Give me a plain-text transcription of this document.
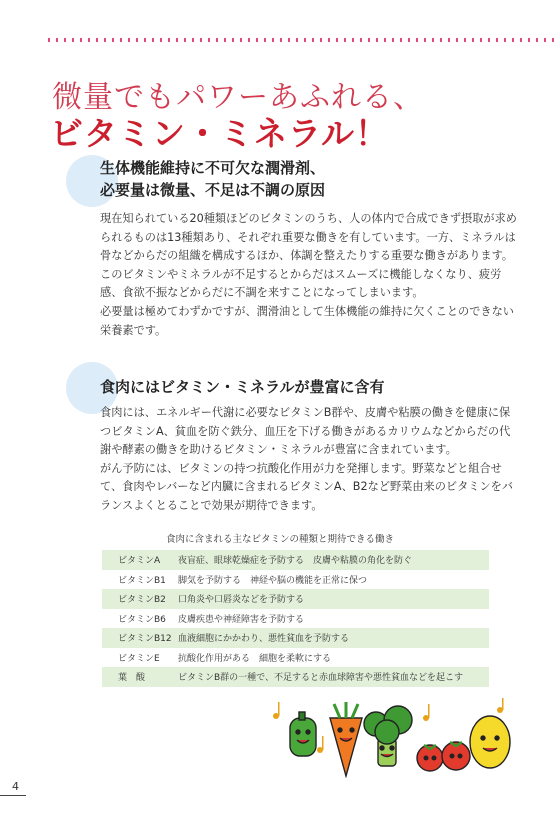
微量でもパワーあふれる、
ビタミン・ミネラル！
生体機能維持に不可欠な潤滑剤、
必要量は微量、不足は不調の原因

現在知られている20種類ほどのビタミンのうち、人の体内で合成できず摂取が求められるものは13種類あり、それぞれ重要な働きを有しています。一方、ミネラルは骨などからだの組織を構成するほか、体調を整えたりする重要な働きがあります。

このビタミンやミネラルが不足するとからだはスムーズに機能しなくなり、疲労感、食欲不振などからだに不調を来すことになってしまいます。

必要量は極めてわずかですが、潤滑油として生体機能の維持に欠くことのできない栄養素です。

食肉にはビタミン・ミネラルが豊富に含有

食肉には、エネルギー代謝に必要なビタミンB群や、皮膚や粘膜の働きを健康に保つビタミンA、貧血を防ぐ鉄分、血圧を下げる働きがあるカリウムなどからだの代謝や酵素の働きを助けるビタミン・ミネラルが豊富に含まれています。

がん予防には、ビタミンの持つ抗酸化作用が力を発揮します。野菜などと組合せて、食肉やレバーなど内臓に含まれるビタミンA、B2など野菜由来のビタミンをバランスよくとることで効果が期待できます。

食肉に含まれる主なビタミンの種類と期待できる働き
ビタミンA	夜盲症、眼球乾燥症を予防する　皮膚や粘膜の角化を防ぐ
ビタミンB1	脚気を予防する　神経や脳の機能を正常に保つ
ビタミンB2	口角炎や口唇炎などを予防する
ビタミンB6	皮膚疾患や神経障害を予防する
ビタミンB12 血液細胞にかかわり、悪性貧血を予防する
ビタミンE	抗酸化作用がある　細胞を柔軟にする
葉　酸	ビタミンB群の一種で、不足すると赤血球障害や悪性貧血などを起こす
4
